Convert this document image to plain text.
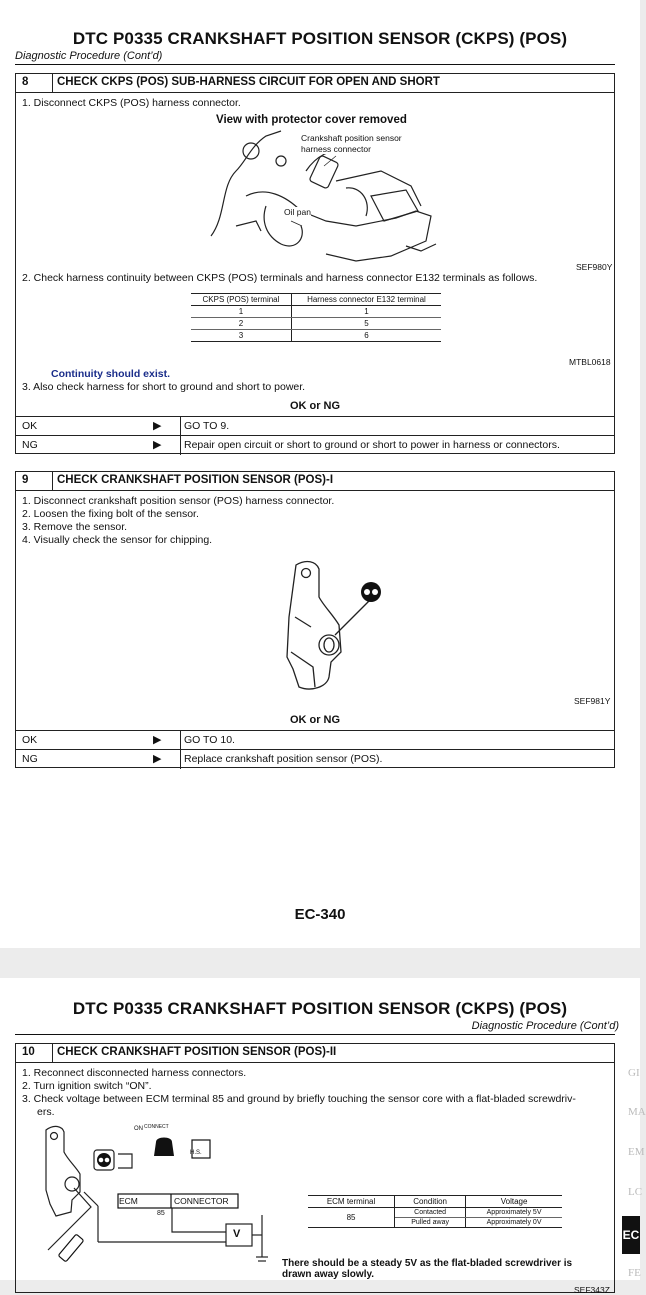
DTC P0335 CRANKSHAFT POSITION SENSOR (CKPS) (POS)
Diagnostic Procedure (Cont’d)
8 CHECK CKPS (POS) SUB-HARNESS CIRCUIT FOR OPEN AND SHORT
1. Disconnect CKPS (POS) harness connector.
View with protector cover removed
Crankshaft position sensor
harness connector
Oil pan
SEF980Y
2. Check harness continuity between CKPS (POS) terminals and harness connector E132 terminals as follows.
CKPS (POS) terminal	Harness connector E132 terminal
1	1
2	5
3	6
MTBL0618
Continuity should exist.
3. Also check harness for short to ground and short to power.
OK or NG
OK	▶ GO TO 9.
NG	▶ Repair open circuit or short to ground or short to power in harness or connectors.
9 CHECK CRANKSHAFT POSITION SENSOR (POS)-I
1. Disconnect crankshaft position sensor (POS) harness connector.
2. Loosen the fixing bolt of the sensor.
3. Remove the sensor.
4. Visually check the sensor for chipping.
SEF981Y
OK or NG
OK	▶ GO TO 10.
NG	▶ Replace crankshaft position sensor (POS).
EC-340
DTC P0335 CRANKSHAFT POSITION SENSOR (CKPS) (POS)
Diagnostic Procedure (Cont’d)
10 CHECK CRANKSHAFT POSITION SENSOR (POS)-II
1. Reconnect disconnected harness connectors.
2. Turn ignition switch “ON”.
3. Check voltage between ECM terminal 85 and ground by briefly touching the sensor core with a flat-bladed screwdriv-
ers.
ON CONNECT
H.S.
ECM	CONNECTOR
85
V
ECM terminal	Condition	Voltage
85	Contacted	Approximately 5V
	Pulled away	Approximately 0V
There should be a steady 5V as the flat-bladed screwdriver is drawn away slowly.
SEF343Z
GI
MA
EM
LC
EC
FE
